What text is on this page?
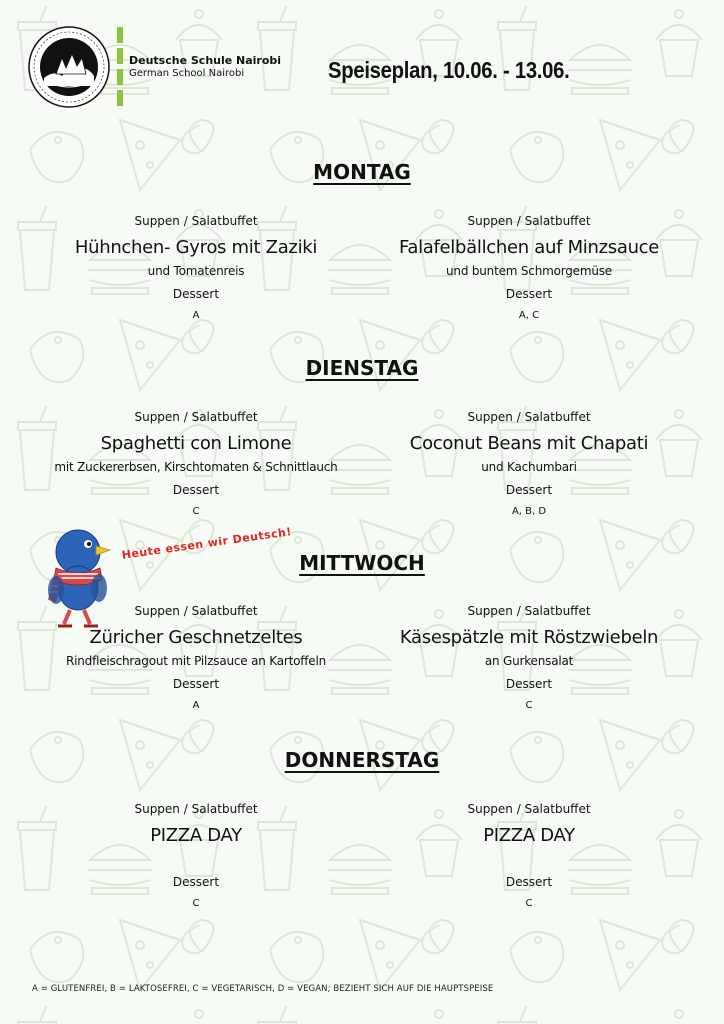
Deutsche Schule Nairobi
German School Nairobi	Speiseplan, 10.06. - 13.06.
MONTAG
Suppen / Salatbuffet
Hühnchen- Gyros mit Zaziki
und Tomatenreis
Dessert
A
Suppen / Salatbuffet
Falafelbällchen auf Minzsauce
und buntem Schmorgemüse
Dessert
A, C
DIENSTAG
Suppen / Salatbuffet
Spaghetti con Limone
mit Zuckererbsen, Kirschtomaten & Schnittlauch
Dessert
C
Suppen / Salatbuffet
Coconut Beans mit Chapati
und Kachumbari
Dessert
A, B, D
Heute essen wir Deutsch!
MITTWOCH
Suppen / Salatbuffet
Züricher Geschnetzeltes
Rindfleischragout mit Pilzsauce an Kartoffeln
Dessert
A
Suppen / Salatbuffet
Käsespätzle mit Röstzwiebeln
an Gurkensalat
Dessert
C
DONNERSTAG
Suppen / Salatbuffet
PIZZA DAY
Dessert
C
Suppen / Salatbuffet
PIZZA DAY
Dessert
C
A = GLUTENFREI, B = LAKTOSEFREI, C = VEGETARISCH, D = VEGAN; BEZIEHT SICH AUF DIE HAUPTSPEISE
